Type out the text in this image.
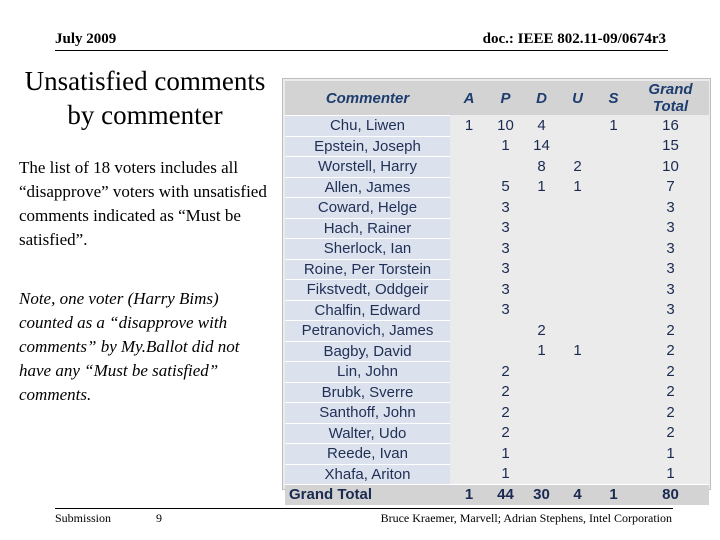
July 2009	doc.: IEEE 802.11-09/0674r3
Unsatisfied comments by commenter
The list of 18 voters includes all “disapprove” voters with unsatisfied comments indicated as “Must be satisfied”.
Note, one voter (Harry Bims) counted as a “disapprove with comments” by My.Ballot did not have any “Must be satisfied” comments.
Commenter	A	P	D	U	S	Grand Total
Chu, Liwen	1	10	4		1	16
Epstein, Joseph		1	14			15
Worstell, Harry			8	2		10
Allen, James		5	1	1		7
Coward, Helge		3				3
Hach, Rainer		3				3
Sherlock, Ian		3				3
Roine, Per Torstein		3				3
Fikstvedt, Oddgeir		3				3
Chalfin, Edward		3				3
Petranovich, James			2			2
Bagby, David			1	1		2
Lin, John		2				2
Brubk, Sverre		2				2
Santhoff, John		2				2
Walter, Udo		2				2
Reede, Ivan		1				1
Xhafa, Ariton		1				1
Grand Total	1	44	30	4	1	80
Submission	9	Bruce Kraemer, Marvell; Adrian Stephens, Intel Corporation
